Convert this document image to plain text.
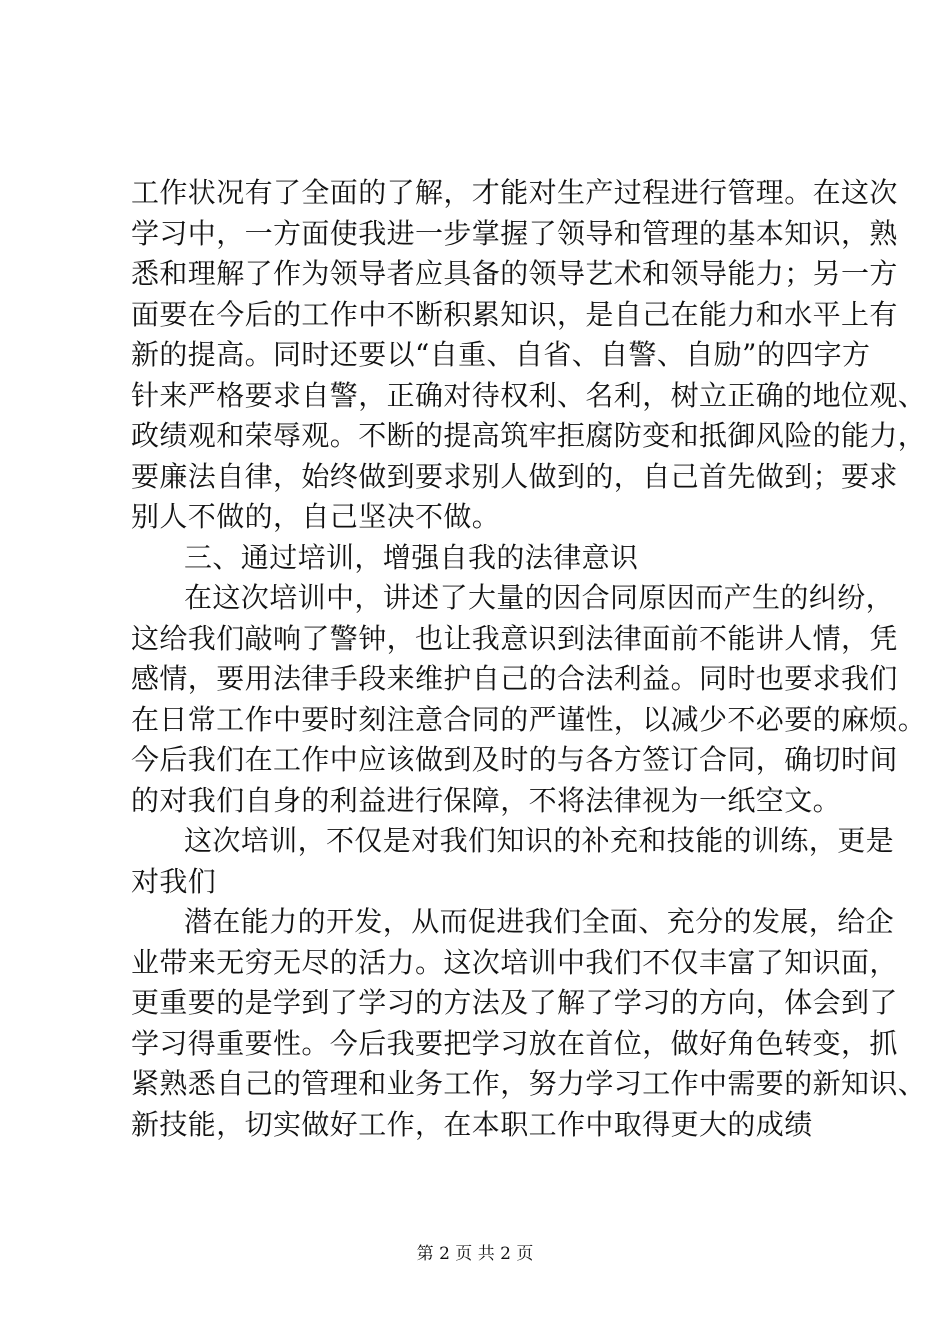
工作状况有了全面的了解，才能对生产过程进行管理。在这次
学习中，一方面使我进一步掌握了领导和管理的基本知识，熟
悉和理解了作为领导者应具备的领导艺术和领导能力；另一方
面要在今后的工作中不断积累知识，是自己在能力和水平上有
新的提高。同时还要以“自重、自省、自警、自励”的四字方
针来严格要求自警，正确对待权利、名利，树立正确的地位观、
政绩观和荣辱观。不断的提高筑牢拒腐防变和抵御风险的能力，
要廉法自律，始终做到要求别人做到的，自己首先做到；要求
别人不做的，自己坚决不做。
三、通过培训，增强自我的法律意识
在这次培训中，讲述了大量的因合同原因而产生的纠纷，
这给我们敲响了警钟，也让我意识到法律面前不能讲人情，凭
感情，要用法律手段来维护自己的合法利益。同时也要求我们
在日常工作中要时刻注意合同的严谨性，以减少不必要的麻烦。
今后我们在工作中应该做到及时的与各方签订合同，确切时间
的对我们自身的利益进行保障，不将法律视为一纸空文。
这次培训，不仅是对我们知识的补充和技能的训练，更是
对我们
潜在能力的开发，从而促进我们全面、充分的发展，给企
业带来无穷无尽的活力。这次培训中我们不仅丰富了知识面，
更重要的是学到了学习的方法及了解了学习的方向，体会到了
学习得重要性。今后我要把学习放在首位，做好角色转变，抓
紧熟悉自己的管理和业务工作，努力学习工作中需要的新知识、
新技能，切实做好工作，在本职工作中取得更大的成绩
第 2 页 共 2 页
